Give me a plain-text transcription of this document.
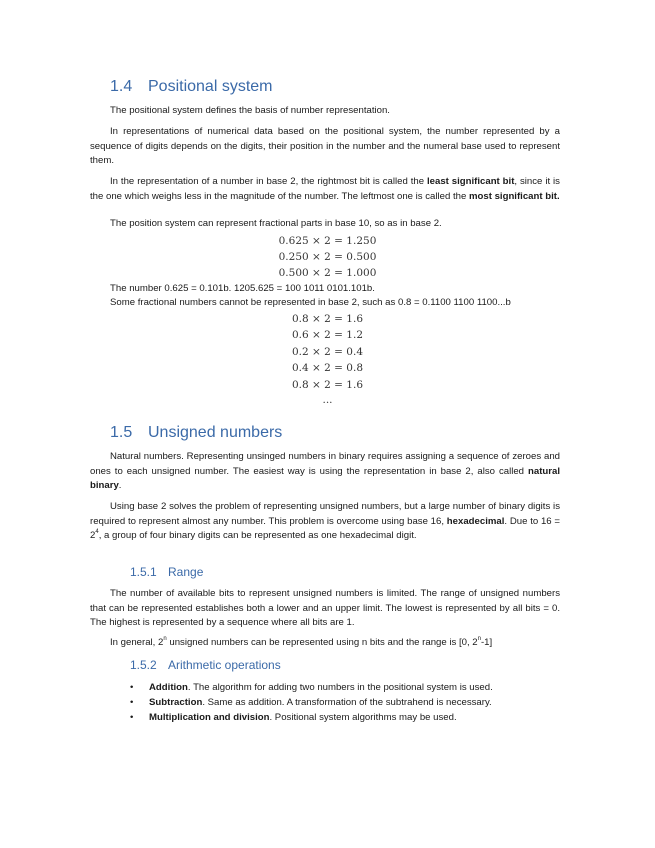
1.4 Positional system
The positional system defines the basis of number representation.
In representations of numerical data based on the positional system, the number represented by a sequence of digits depends on the digits, their position in the number and the numeral base used to represent them.
In the representation of a number in base 2, the rightmost bit is called the least significant bit, since it is the one which weighs less in the magnitude of the number. The leftmost one is called the most significant bit.
The position system can represent fractional parts in base 10, so as in base 2.
0.625 × 2 = 1.250
0.250 × 2 = 0.500
0.500 × 2 = 1.000
The number 0.625 = 0.101b. 1205.625 = 100 1011 0101.101b.
Some fractional numbers cannot be represented in base 2, such as 0.8 = 0.1100 1100 1100...b
0.8 × 2 = 1.6
0.6 × 2 = 1.2
0.2 × 2 = 0.4
0.4 × 2 = 0.8
0.8 × 2 = 1.6
...
1.5 Unsigned numbers
Natural numbers. Representing unsinged numbers in binary requires assigning a sequence of zeroes and ones to each unsigned number. The easiest way is using the representation in base 2, also called natural binary.
Using base 2 solves the problem of representing unsigned numbers, but a large number of binary digits is required to represent almost any number. This problem is overcome using base 16, hexadecimal. Due to $16 = 2^4$, a group of four binary digits can be represented as one hexadecimal digit.
1.5.1 Range
The number of available bits to represent unsigned numbers is limited. The range of unsigned numbers that can be represented establishes both a lower and an upper limit. The lowest is represented by all bits = 0. The highest is represented by a sequence where all bits are 1.
In general, 2$^n$ unsigned numbers can be represented using n bits and the range is [0, 2$^n$-1]
1.5.2 Arithmetic operations
• Addition. The algorithm for adding two numbers in the positional system is used.
• Subtraction. Same as addition. A transformation of the subtrahend is necessary.
• Multiplication and division. Positional system algorithms may be used.
